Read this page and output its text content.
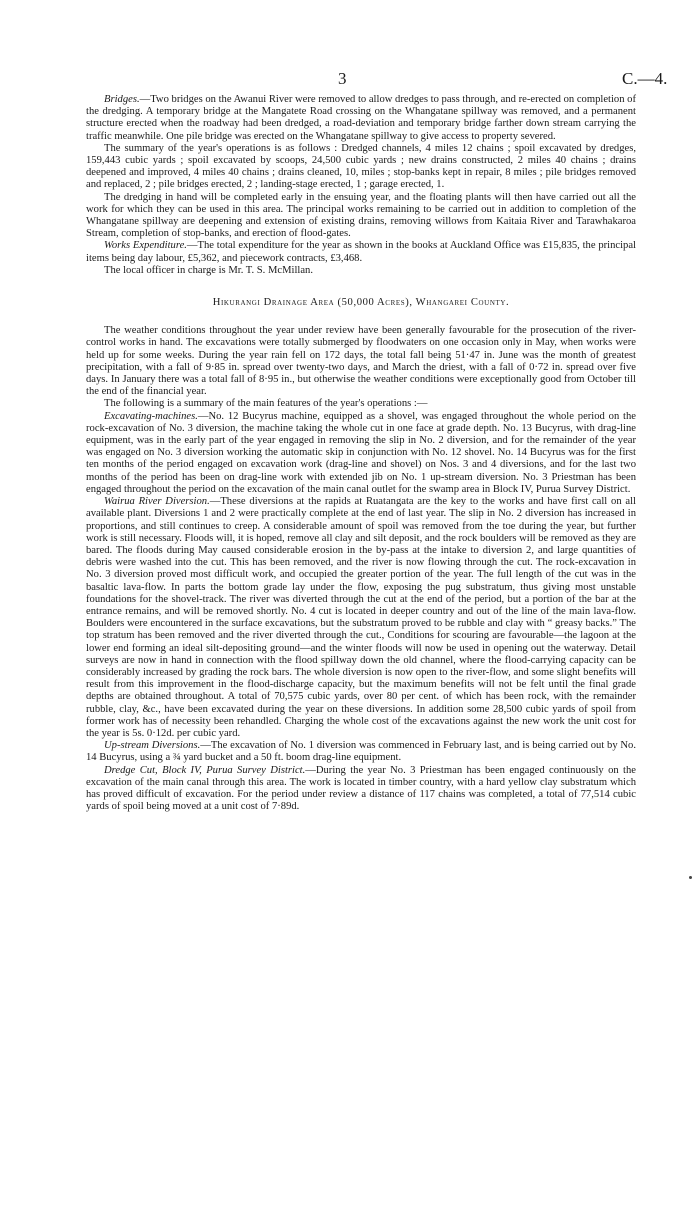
3	C.—4.

Bridges.—Two bridges on the Awanui River were removed to allow dredges to pass through, and re-erected on completion of the dredging. A temporary bridge at the Mangatete Road crossing on the Whangatane spillway was removed, and a permanent structure erected when the roadway had been dredged, a road-deviation and temporary bridge farther down stream carrying the traffic meanwhile. One pile bridge was erected on the Whangatane spillway to give access to property severed.

The summary of the year's operations is as follows : Dredged channels, 4 miles 12 chains ; spoil excavated by dredges, 159,443 cubic yards ; spoil excavated by scoops, 24,500 cubic yards ; new drains constructed, 2 miles 40 chains ; drains deepened and improved, 4 miles 40 chains ; drains cleaned, 10, miles ; stop-banks kept in repair, 8 miles ; pile bridges removed and replaced, 2 ; pile bridges erected, 2 ; landing-stage erected, 1 ; garage erected, 1.

The dredging in hand will be completed early in the ensuing year, and the floating plants will then have carried out all the work for which they can be used in this area. The principal works remaining to be carried out in addition to completion of the Whangatane spillway are deepening and extension of existing drains, removing willows from Kaitaia River and Tarawhakaroa Stream, completion of stop-banks, and erection of flood-gates.

Works Expenditure.—The total expenditure for the year as shown in the books at Auckland Office was £15,835, the principal items being day labour, £5,362, and piecework contracts, £3,468.

The local officer in charge is Mr. T. S. McMillan.

Hikurangi Drainage Area (50,000 Acres), Whangarei County.

The weather conditions throughout the year under review have been generally favourable for the prosecution of the river-control works in hand. The excavations were totally submerged by floodwaters on one occasion only in May, when works were held up for some weeks. During the year rain fell on 172 days, the total fall being 51·47 in. June was the month of greatest precipitation, with a fall of 9·85 in. spread over twenty-two days, and March the driest, with a fall of 0·72 in. spread over five days. In January there was a total fall of 8·95 in., but otherwise the weather conditions were exceptionally good from October till the end of the financial year.

The following is a summary of the main features of the year's operations :—

Excavating-machines.—No. 12 Bucyrus machine, equipped as a shovel, was engaged throughout the whole period on the rock-excavation of No. 3 diversion, the machine taking the whole cut in one face at grade depth. No. 13 Bucyrus, with drag-line equipment, was in the early part of the year engaged in removing the slip in No. 2 diversion, and for the remainder of the year was engaged on No. 3 diversion working the automatic skip in conjunction with No. 12 shovel. No. 14 Bucyrus was for the first ten months of the period engaged on excavation work (drag-line and shovel) on Nos. 3 and 4 diversions, and for the last two months of the period has been on drag-line work with extended jib on No. 1 up-stream diversion. No. 3 Priestman has been engaged throughout the period on the excavation of the main canal outlet for the swamp area in Block IV, Purua Survey District.

Wairua River Diversion.—These diversions at the rapids at Ruatangata are the key to the works and have first call on all available plant. Diversions 1 and 2 were practically complete at the end of last year. The slip in No. 2 diversion has increased in proportions, and still continues to creep. A considerable amount of spoil was removed from the toe during the year, but further work is still necessary. Floods will, it is hoped, remove all clay and silt deposit, and the rock boulders will be removed as they are bared. The floods during May caused considerable erosion in the by-pass at the intake to diversion 2, and large quantities of debris were washed into the cut. This has been removed, and the river is now flowing through the cut. The rock-excavation in No. 3 diversion proved most difficult work, and occupied the greater portion of the year. The full length of the cut was in the basaltic lava-flow. In parts the bottom grade lay under the flow, exposing the pug substratum, thus giving most unstable foundations for the shovel-track. The river was diverted through the cut at the end of the period, but a portion of the bar at the entrance remains, and will be removed shortly. No. 4 cut is located in deeper country and out of the line of the main lava-flow. Boulders were encountered in the surface excavations, but the substratum proved to be rubble and clay with “ greasy backs.” The top stratum has been removed and the river diverted through the cut., Conditions for scouring are favourable—the lagoon at the lower end forming an ideal silt-depositing ground—and the winter floods will now be used in opening out the waterway. Detail surveys are now in hand in connection with the flood spillway down the old channel, where the flood-carrying capacity can be considerably increased by grading the rock bars. The whole diversion is now open to the river-flow, and some slight benefits will result from this improvement in the flood-discharge capacity, but the maximum benefits will not be felt until the final grade depths are obtained throughout. A total of 70,575 cubic yards, over 80 per cent. of which has been rock, with the remainder rubble, clay, &c., have been excavated during the year on these diversions. In addition some 28,500 cubic yards of spoil from former work has of necessity been rehandled. Charging the whole cost of the excavations against the new work the unit cost for the year is 5s. 0·12d. per cubic yard.

Up-stream Diversions.—The excavation of No. 1 diversion was commenced in February last, and is being carried out by No. 14 Bucyrus, using a ¾ yard bucket and a 50 ft. boom drag-line equipment.

Dredge Cut, Block IV, Purua Survey District.—During the year No. 3 Priestman has been engaged continuously on the excavation of the main canal through this area. The work is located in timber country, with a hard yellow clay substratum which has proved difficult of excavation. For the period under review a distance of 117 chains was completed, a total of 77,514 cubic yards of spoil being moved at a unit cost of 7·89d.
